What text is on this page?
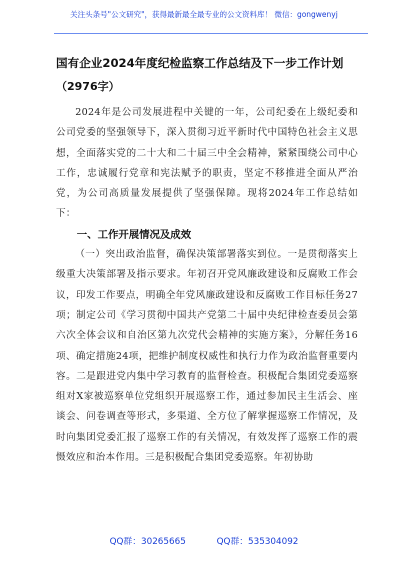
关注头条号"公文研究"，获得最新最全最专业的公文资料库！ 微信：gongwenyj

国有企业2024年度纪检监察工作总结及下一步工作计划

（2976字）

2024年是公司发展进程中关键的一年，公司纪委在上级纪委和公司党委的坚强领导下，深入贯彻习近平新时代中国特色社会主义思想，全面落实党的二十大和二十届三中全会精神，紧紧围绕公司中心工作，忠诚履行党章和宪法赋予的职责，坚定不移推进全面从严治党，为公司高质量发展提供了坚强保障。现将2024年工作总结如下：

一、工作开展情况及成效

（一）突出政治监督，确保决策部署落实到位。一是贯彻落实上级重大决策部署及指示要求。年初召开党风廉政建设和反腐败工作会议，印发工作要点，明确全年党风廉政建设和反腐败工作目标任务27项；制定公司《学习贯彻中国共产党第二十届中央纪律检查委员会第六次全体会议和自治区第九次党代会精神的实施方案》，分解任务16项、确定措施24项，把维护制度权威性和执行力作为政治监督重要内容。二是跟进党内集中学习教育的监督检查。积极配合集团党委巡察组对X家被巡察单位党组织开展巡察工作，通过参加民主生活会、座谈会、问卷调查等形式，多渠道、全方位了解掌握巡察工作情况，及时向集团党委汇报了巡察工作的有关情况，有效发挥了巡察工作的震慑效应和治本作用。三是积极配合集团党委巡察。年初协助

QQ群：30265665	QQ群：535304092
